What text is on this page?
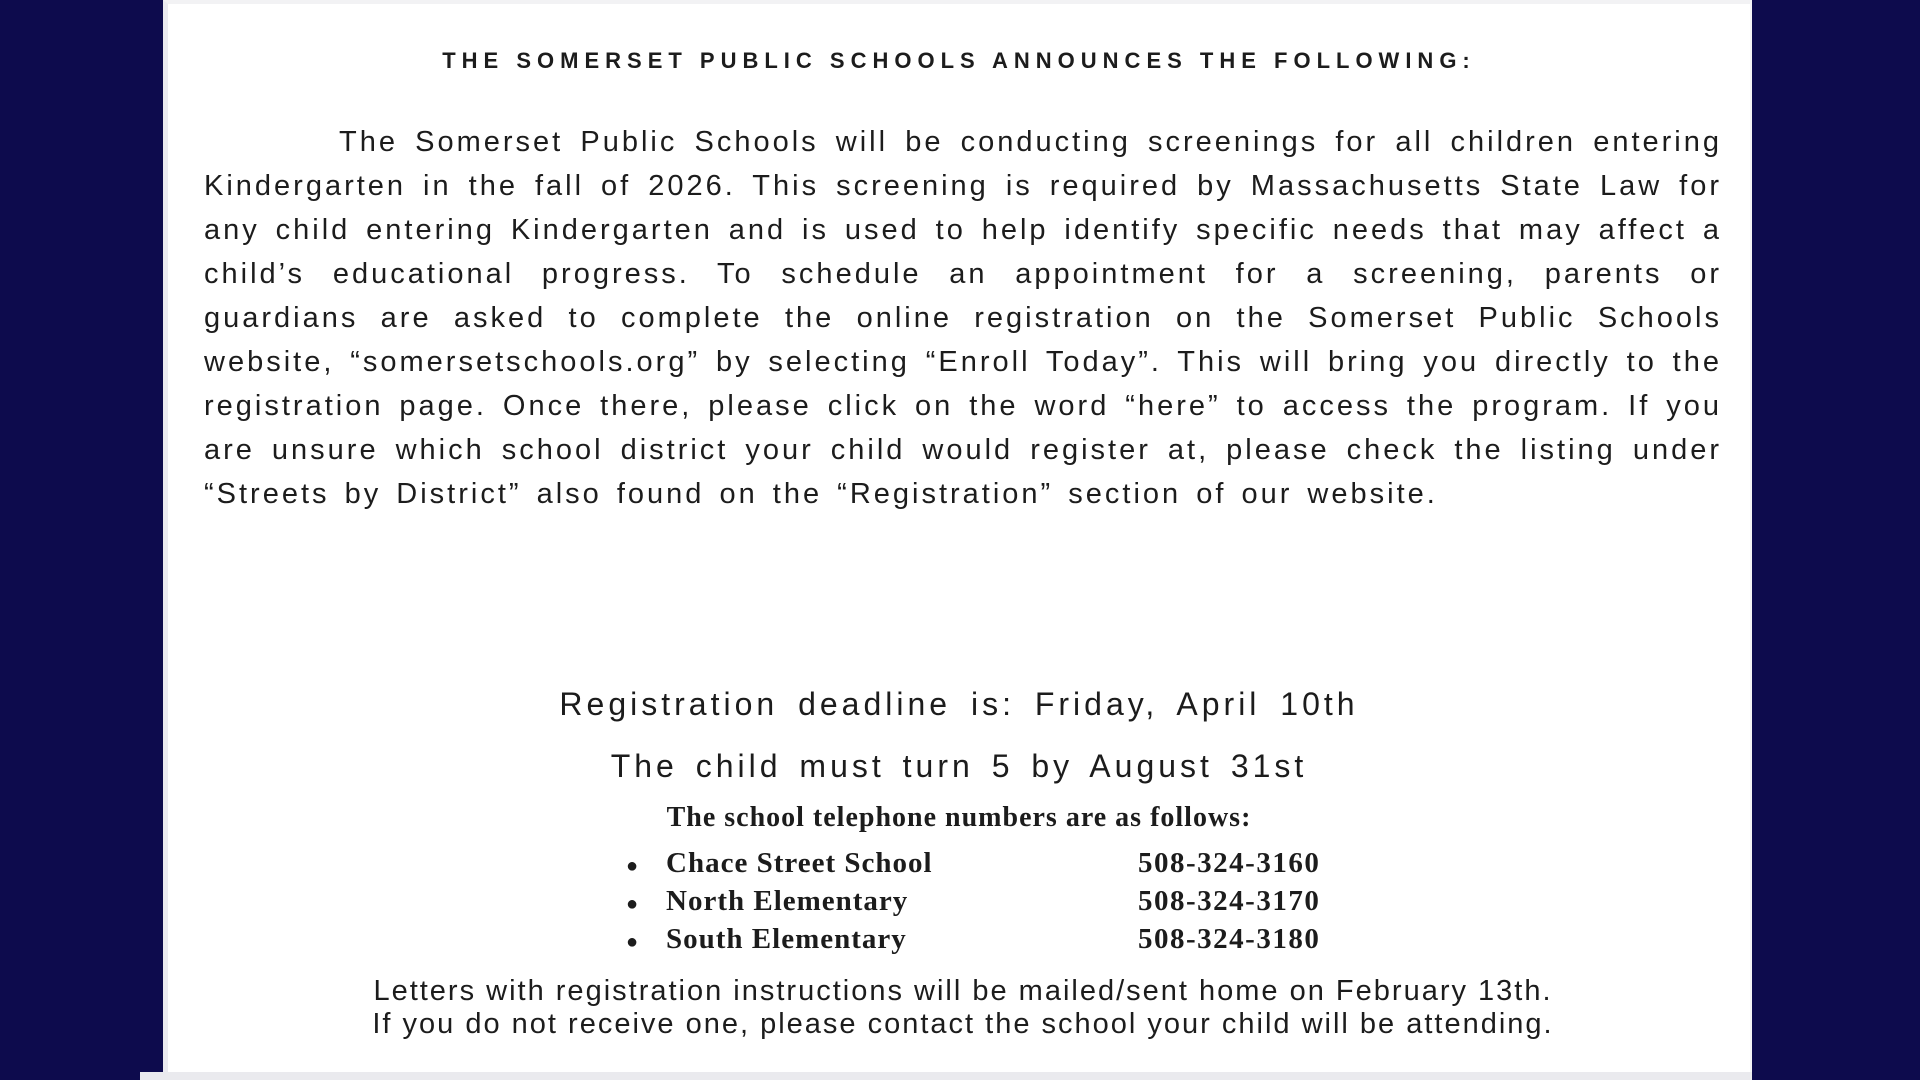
THE SOMERSET PUBLIC SCHOOLS ANNOUNCES THE FOLLOWING:
The Somerset Public Schools will be conducting screenings for all children entering Kindergarten in the fall of 2026. This screening is required by Massachusetts State Law for any child entering Kindergarten and is used to help identify specific needs that may affect a child’s educational progress. To schedule an appointment for a screening, parents or guardians are asked to complete the online registration on the Somerset Public Schools website, “somersetschools.org” by selecting “Enroll Today”. This will bring you directly to the registration page. Once there, please click on the word “here” to access the program. If you are unsure which school district your child would register at, please check the listing under “Streets by District” also found on the “Registration” section of our website.
Registration deadline is: Friday, April 10th
The child must turn 5 by August 31st
The school telephone numbers are as follows:
● Chace Street School	508-324-3160
● North Elementary	508-324-3170
● South Elementary	508-324-3180
Letters with registration instructions will be mailed/sent home on February 13th.
If you do not receive one, please contact the school your child will be attending.
